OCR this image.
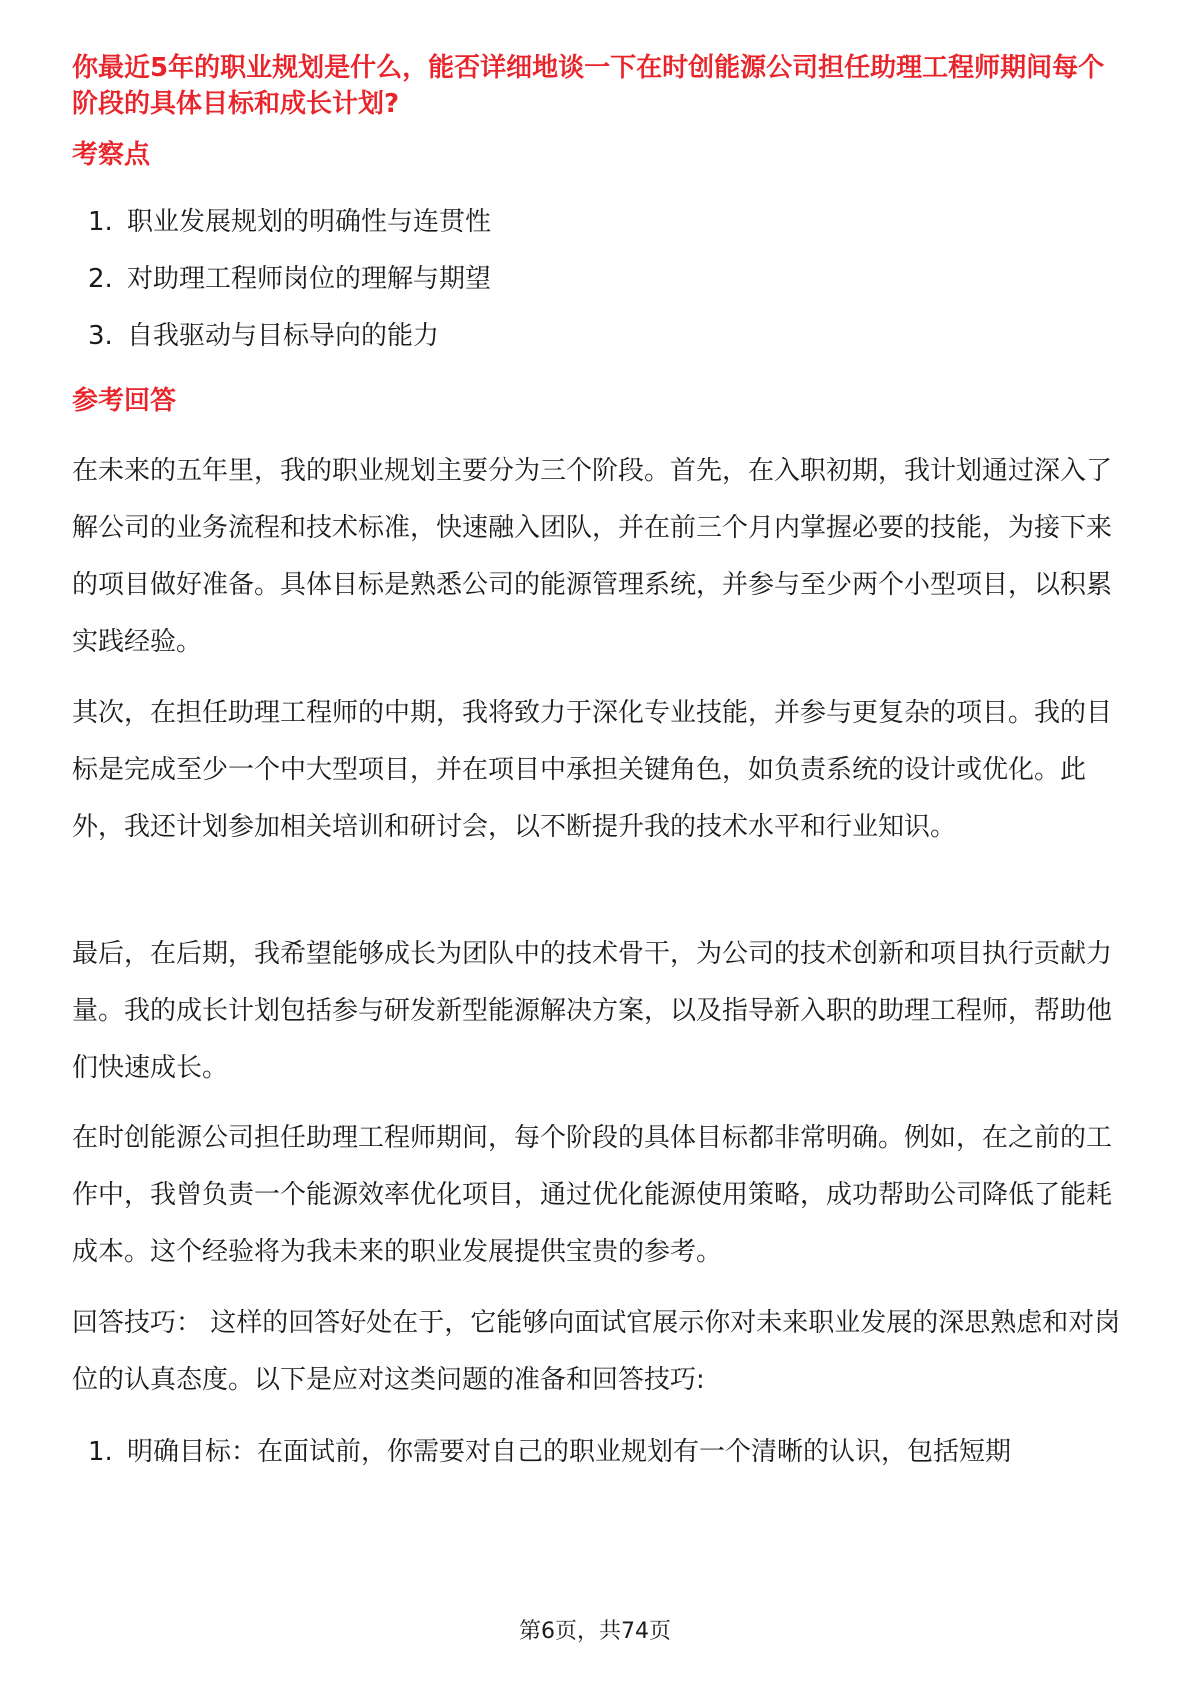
你最近5年的职业规划是什么，能否详细地谈一下在时创能源公司担任助理工程师期间每个阶段的具体目标和成长计划?
考察点
1. 职业发展规划的明确性与连贯性
2. 对助理工程师岗位的理解与期望
3. 自我驱动与目标导向的能力
参考回答

在未来的五年里，我的职业规划主要分为三个阶段。首先，在入职初期，我计划通过深入了解公司的业务流程和技术标准，快速融入团队，并在前三个月内掌握必要的技能，为接下来的项目做好准备。具体目标是熟悉公司的能源管理系统，并参与至少两个小型项目，以积累实践经验。

其次，在担任助理工程师的中期，我将致力于深化专业技能，并参与更复杂的项目。我的目标是完成至少一个中大型项目，并在项目中承担关键角色，如负责系统的设计或优化。此外，我还计划参加相关培训和研讨会，以不断提升我的技术水平和行业知识。

最后，在后期，我希望能够成长为团队中的技术骨干，为公司的技术创新和项目执行贡献力量。我的成长计划包括参与研发新型能源解决方案，以及指导新入职的助理工程师，帮助他们快速成长。

在时创能源公司担任助理工程师期间，每个阶段的具体目标都非常明确。例如，在之前的工作中，我曾负责一个能源效率优化项目，通过优化能源使用策略，成功帮助公司降低了能耗成本。这个经验将为我未来的职业发展提供宝贵的参考。

回答技巧： 这样的回答好处在于，它能够向面试官展示你对未来职业发展的深思熟虑和对岗位的认真态度。以下是应对这类问题的准备和回答技巧:

1. 明确目标：在面试前，你需要对自己的职业规划有一个清晰的认识，包括短期
第6页，共74页
